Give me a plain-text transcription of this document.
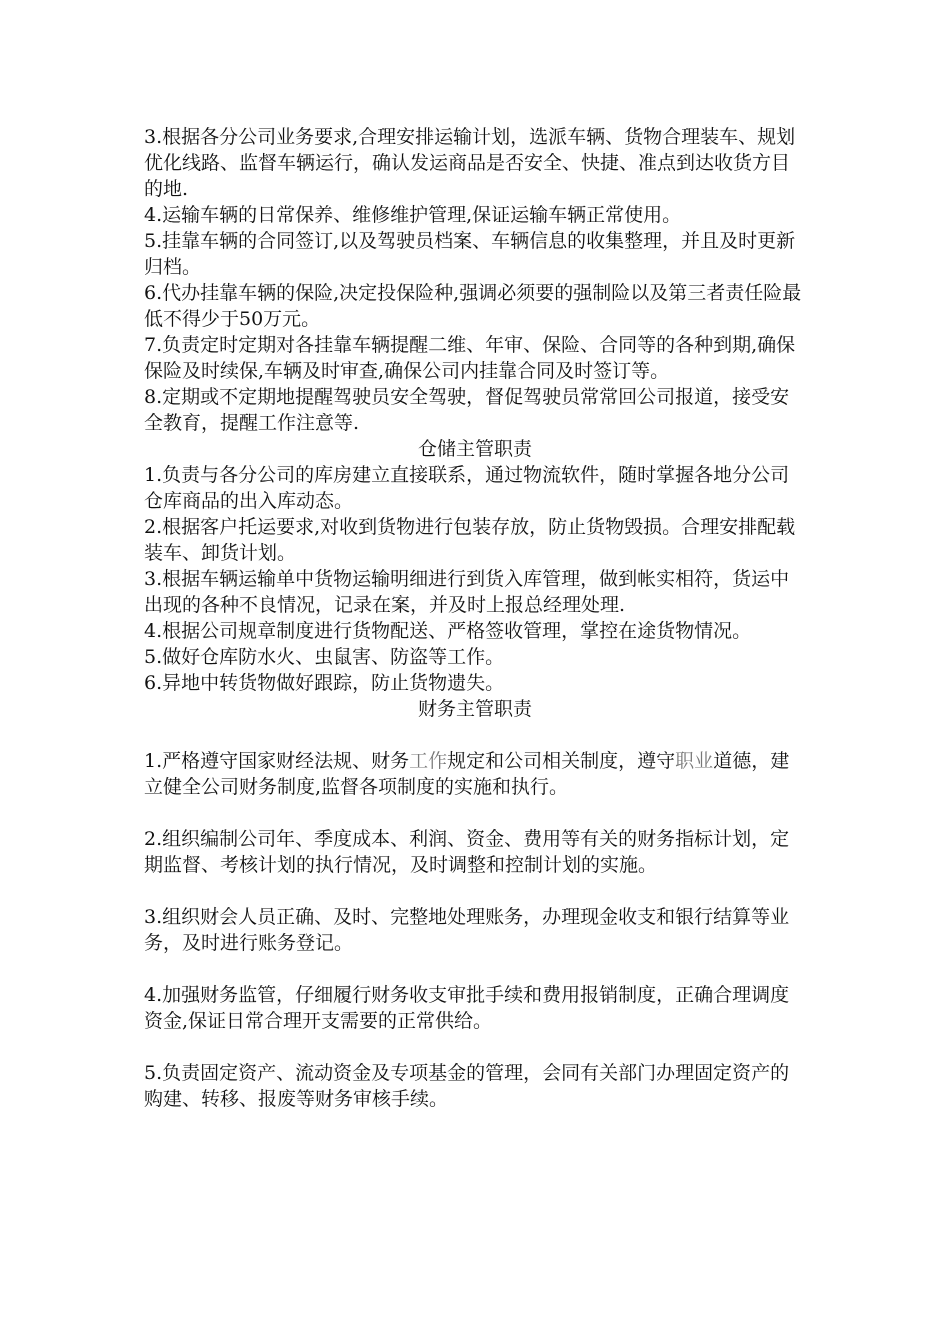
3.根据各分公司业务要求,合理安排运输计划，选派车辆、货物合理装车、规划优化线路、监督车辆运行，确认发运商品是否安全、快捷、准点到达收货方目的地.

4.运输车辆的日常保养、维修维护管理,保证运输车辆正常使用。

5.挂靠车辆的合同签订,以及驾驶员档案、车辆信息的收集整理，并且及时更新归档。

6.代办挂靠车辆的保险,决定投保险种,强调必须要的强制险以及第三者责任险最低不得少于50万元。

7.负责定时定期对各挂靠车辆提醒二维、年审、保险、合同等的各种到期,确保保险及时续保,车辆及时审查,确保公司内挂靠合同及时签订等。

8.定期或不定期地提醒驾驶员安全驾驶，督促驾驶员常常回公司报道，接受安全教育，提醒工作注意等.

仓储主管职责

1.负责与各分公司的库房建立直接联系，通过物流软件，随时掌握各地分公司仓库商品的出入库动态。

2.根据客户托运要求,对收到货物进行包装存放，防止货物毁损。合理安排配载装车、卸货计划。

3.根据车辆运输单中货物运输明细进行到货入库管理，做到帐实相符，货运中出现的各种不良情况，记录在案，并及时上报总经理处理.

4.根据公司规章制度进行货物配送、严格签收管理，掌控在途货物情况。

5.做好仓库防水火、虫鼠害、防盗等工作。

6.异地中转货物做好跟踪，防止货物遗失。

财务主管职责

1.严格遵守国家财经法规、财务工作规定和公司相关制度，遵守职业道德，建立健全公司财务制度,监督各项制度的实施和执行。

2.组织编制公司年、季度成本、利润、资金、费用等有关的财务指标计划，定期监督、考核计划的执行情况，及时调整和控制计划的实施。

3.组织财会人员正确、及时、完整地处理账务，办理现金收支和银行结算等业务，及时进行账务登记。

4.加强财务监管，仔细履行财务收支审批手续和费用报销制度，正确合理调度资金,保证日常合理开支需要的正常供给。

5.负责固定资产、流动资金及专项基金的管理，会同有关部门办理固定资产的购建、转移、报废等财务审核手续。
